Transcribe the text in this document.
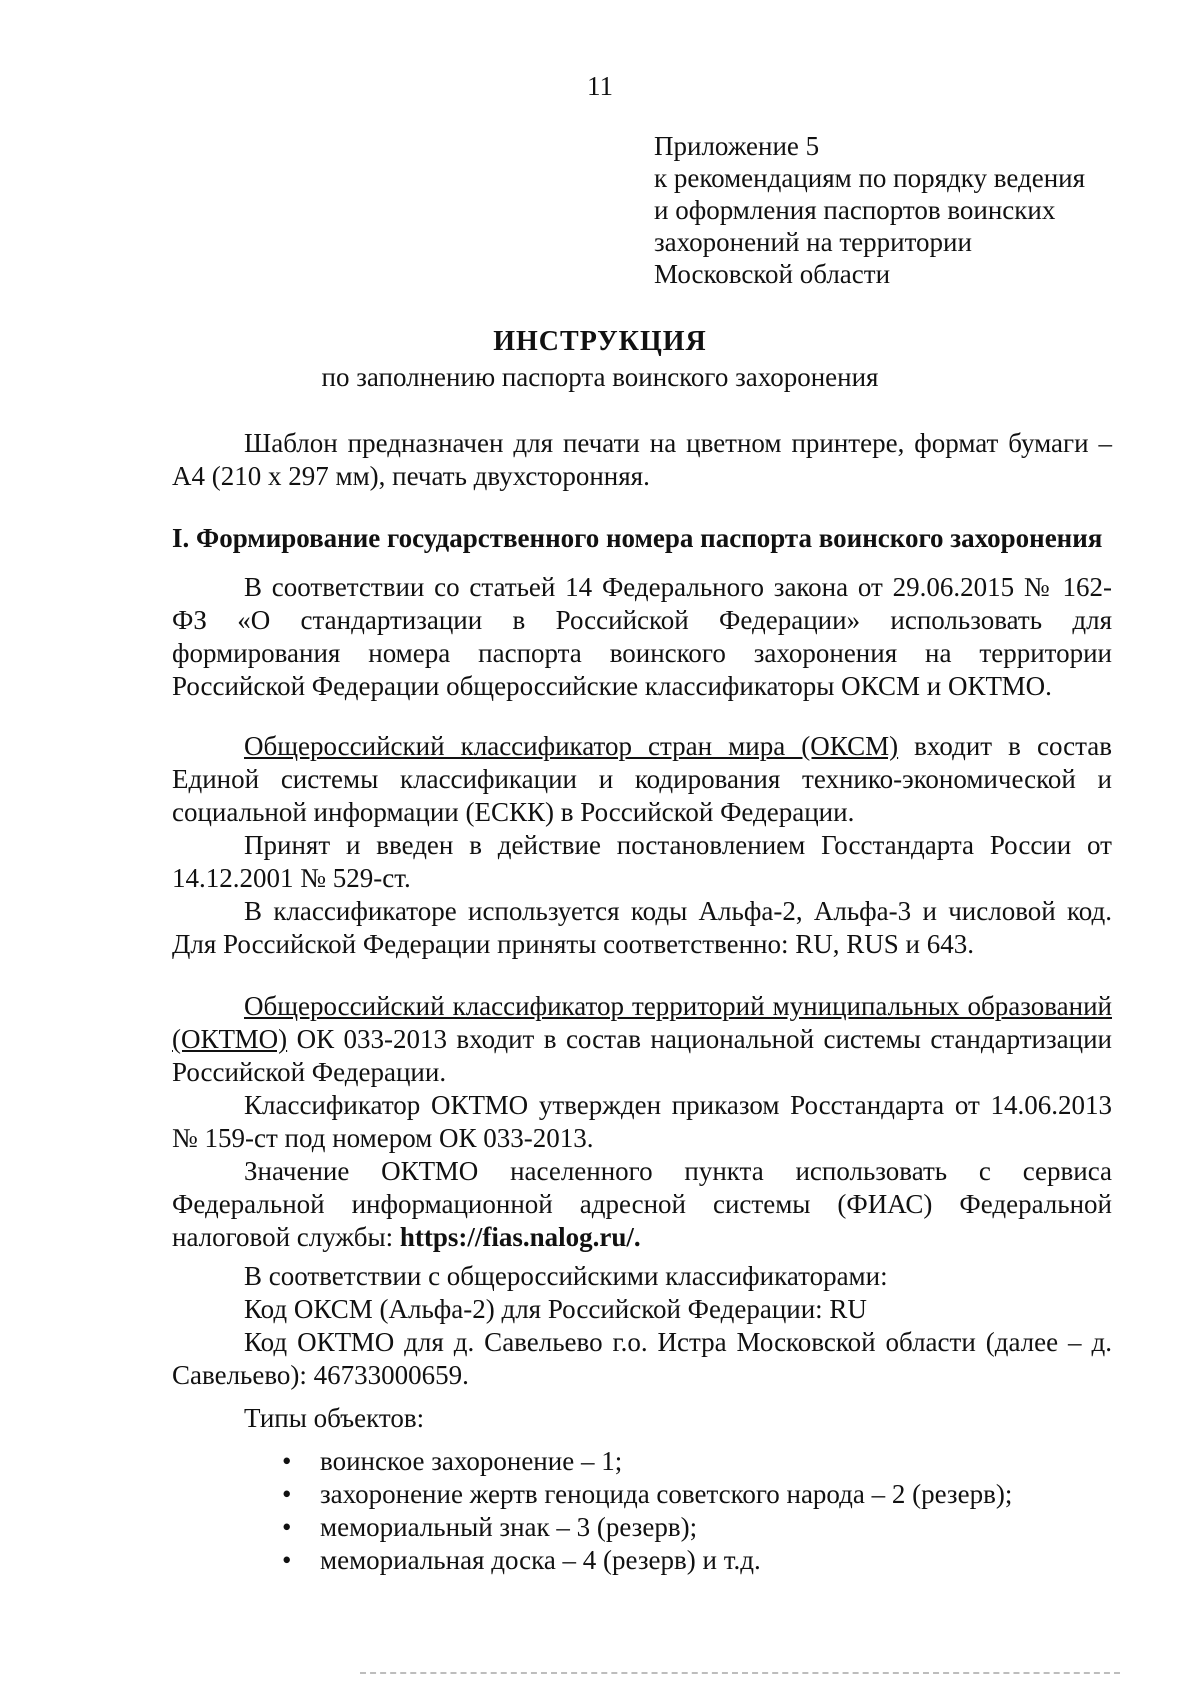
11
Приложение 5
к рекомендациям по порядку ведения
и оформления паспортов воинских
захоронений на территории
Московской области
ИНСТРУКЦИЯ
по заполнению паспорта воинского захоронения

Шаблон предназначен для печати на цветном принтере, формат бумаги – А4 (210 х 297 мм), печать двухсторонняя.

I. Формирование государственного номера паспорта воинского захоронения

В соответствии со статьей 14 Федерального закона от 29.06.2015 № 162-ФЗ «О стандартизации в Российской Федерации» использовать для формирования номера паспорта воинского захоронения на территории Российской Федерации общероссийские классификаторы ОКСМ и ОКТМО.

Общероссийский классификатор стран мира (ОКСМ) входит в состав Единой системы классификации и кодирования технико-экономической и социальной информации (ЕСКК) в Российской Федерации.

Принят и введен в действие постановлением Госстандарта России от 14.12.2001 № 529-ст.

В классификаторе используется коды Альфа-2, Альфа-3 и числовой код. Для Российской Федерации приняты соответственно: RU, RUS и 643.

Общероссийский классификатор территорий муниципальных образований (ОКТМО) ОК 033-2013 входит в состав национальной системы стандартизации Российской Федерации.

Классификатор ОКТМО утвержден приказом Росстандарта от 14.06.2013 № 159-ст под номером ОК 033-2013.

Значение ОКТМО населенного пункта использовать с сервиса Федеральной информационной адресной системы (ФИАС) Федеральной налоговой службы: https://fias.nalog.ru/.

В соответствии с общероссийскими классификаторами:

Код ОКСМ (Альфа-2) для Российской Федерации: RU

Код ОКТМО для д. Савельево г.о. Истра Московской области (далее – д. Савельево): 46733000659.

Типы объектов:

• воинское захоронение – 1;
• захоронение жертв геноцида советского народа – 2 (резерв);
• мемориальный знак – 3 (резерв);
• мемориальная доска – 4 (резерв) и т.д.
